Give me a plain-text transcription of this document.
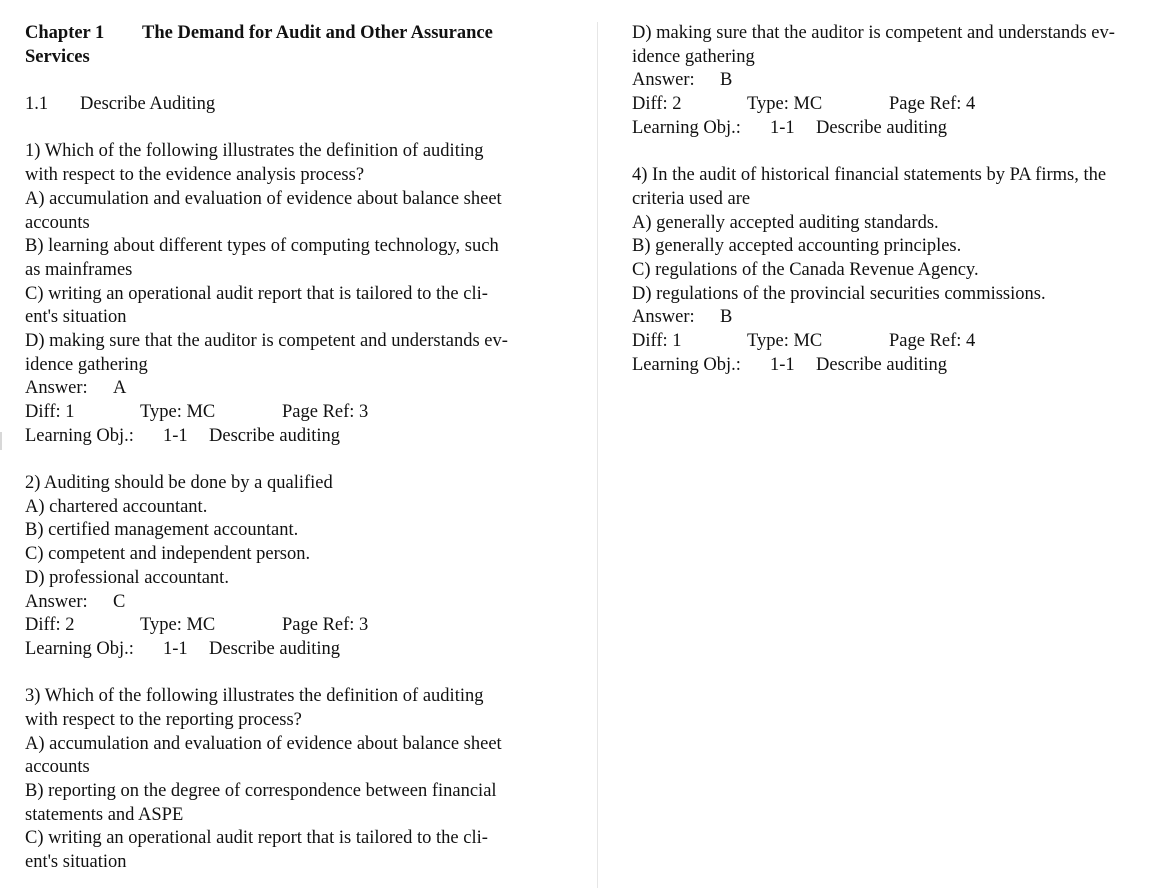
Chapter 1 The Demand for Audit and Other Assurance
Services
1.1 Describe Auditing
1) Which of the following illustrates the definition of auditing
with respect to the evidence analysis process?
A) accumulation and evaluation of evidence about balance sheet
accounts
B) learning about different types of computing technology, such
as mainframes
C) writing an operational audit report that is tailored to the cli-
ent's situation
D) making sure that the auditor is competent and understands ev-
idence gathering
Answer: A
Diff: 1	Type: MC	Page Ref: 3
Learning Obj.: 1-1 Describe auditing
2) Auditing should be done by a qualified
A) chartered accountant.
B) certified management accountant.
C) competent and independent person.
D) professional accountant.
Answer: C
Diff: 2	Type: MC	Page Ref: 3
Learning Obj.: 1-1 Describe auditing
3) Which of the following illustrates the definition of auditing
with respect to the reporting process?
A) accumulation and evaluation of evidence about balance sheet
accounts
B) reporting on the degree of correspondence between financial
statements and ASPE
C) writing an operational audit report that is tailored to the cli-
ent's situation
D) making sure that the auditor is competent and understands ev-
idence gathering
Answer: B
Diff: 2	Type: MC	Page Ref: 4
Learning Obj.: 1-1 Describe auditing
4) In the audit of historical financial statements by PA firms, the
criteria used are
A) generally accepted auditing standards.
B) generally accepted accounting principles.
C) regulations of the Canada Revenue Agency.
D) regulations of the provincial securities commissions.
Answer: B
Diff: 1	Type: MC	Page Ref: 4
Learning Obj.: 1-1 Describe auditing
